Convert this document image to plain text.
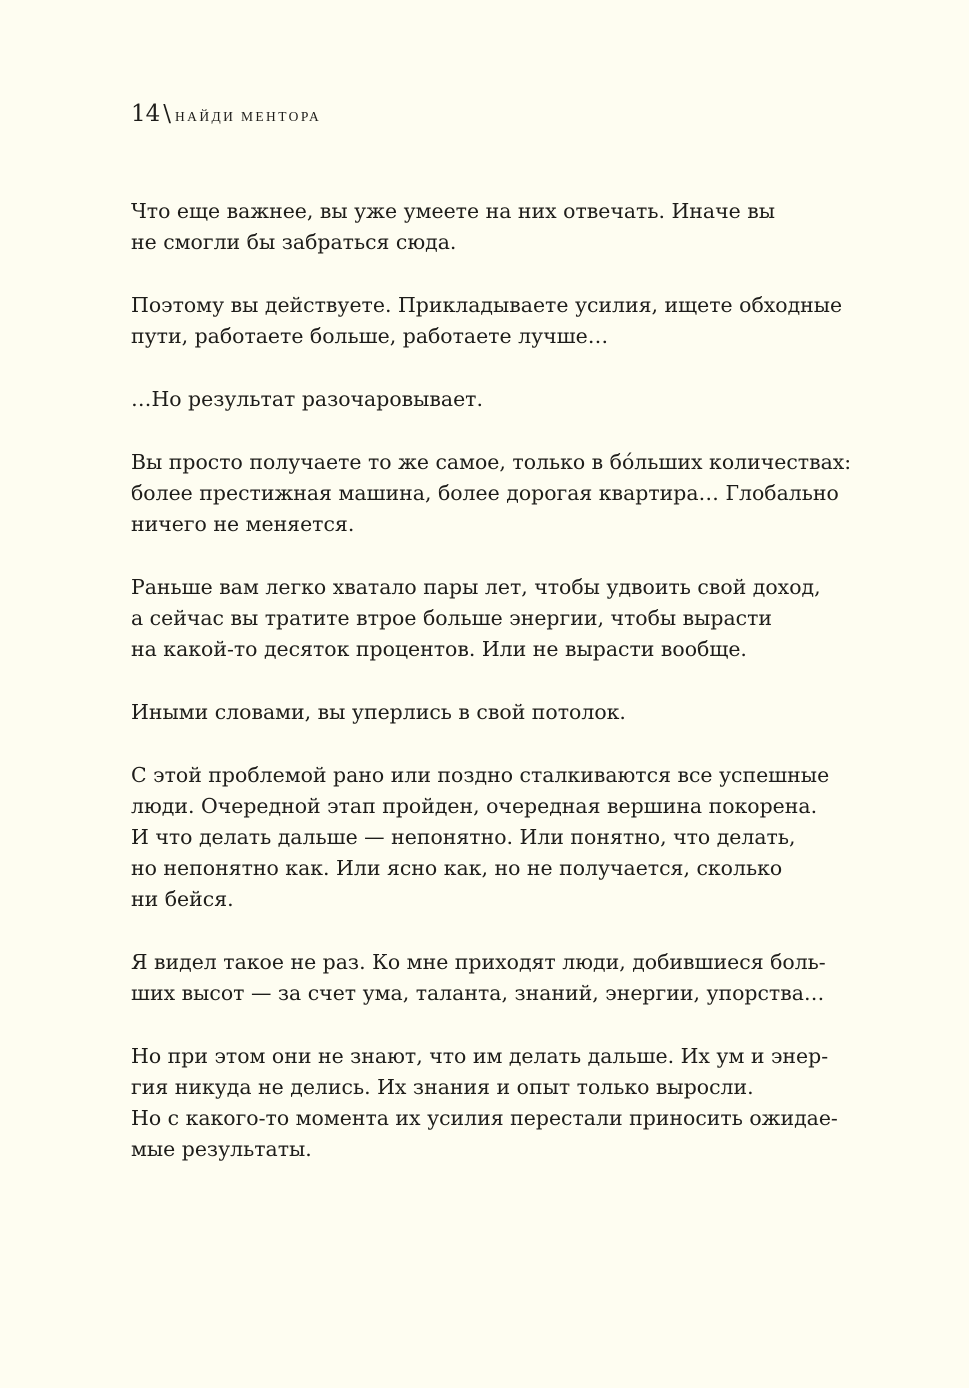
14 \ НАЙДИ МЕНТОРА

Что еще важнее, вы уже умеете на них отвечать. Иначе вы
не смогли бы забраться сюда.

Поэтому вы действуете. Прикладываете усилия, ищете обходные
пути, работаете больше, работаете лучше…

…Но результат разочаровывает.

Вы просто получаете то же самое, только в бóльших количествах:
более престижная машина, более дорогая квартира… Глобально
ничего не меняется.

Раньше вам легко хватало пары лет, чтобы удвоить свой доход,
а сейчас вы тратите втрое больше энергии, чтобы вырасти
на какой-то десяток процентов. Или не вырасти вообще.

Иными словами, вы уперлись в свой потолок.

С этой проблемой рано или поздно сталкиваются все успешные
люди. Очередной этап пройден, очередная вершина покорена.
И что делать дальше — непонятно. Или понятно, что делать,
но непонятно как. Или ясно как, но не получается, сколько
ни бейся.

Я видел такое не раз. Ко мне приходят люди, добившиеся боль-
ших высот — за счет ума, таланта, знаний, энергии, упорства…

Но при этом они не знают, что им делать дальше. Их ум и энер-
гия никуда не делись. Их знания и опыт только выросли.
Но с какого-то момента их усилия перестали приносить ожидае-
мые результаты.
